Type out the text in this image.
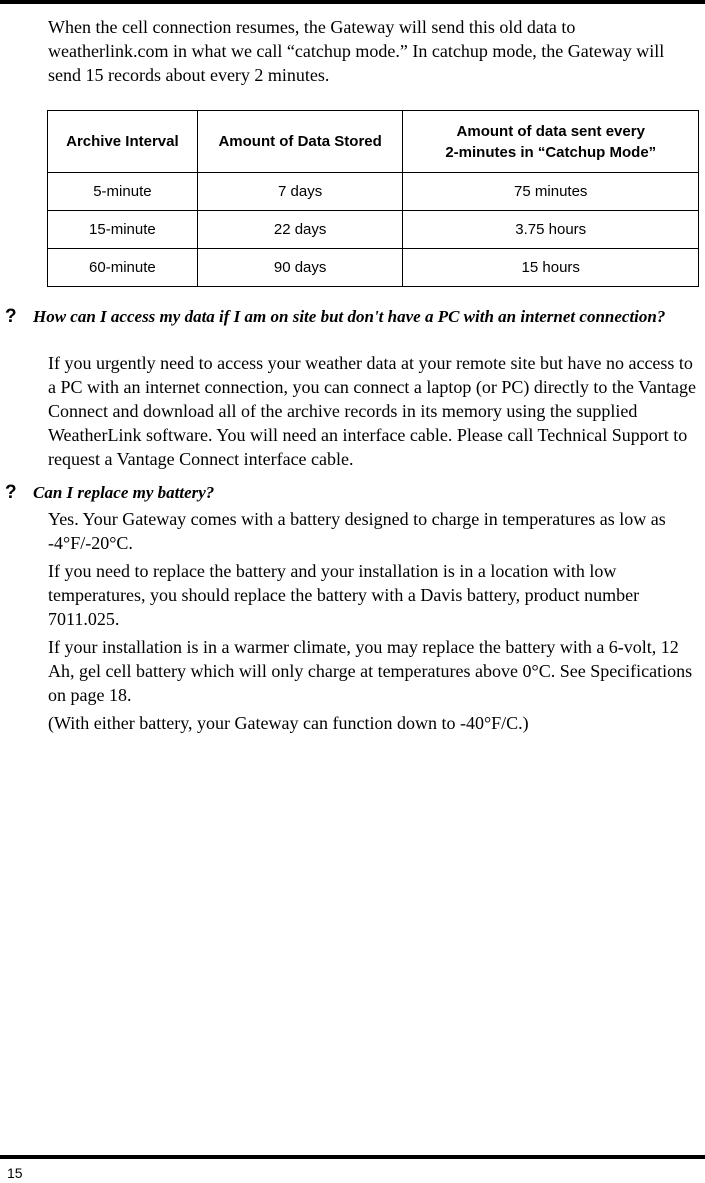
When the cell connection resumes, the Gateway will send this old data to weatherlink.com in what we call “catchup mode.” In catchup mode, the Gateway will send 15 records about every 2 minutes.

Archive Interval	Amount of Data Stored	Amount of data sent every
2-minutes in “Catchup Mode”
5-minute	7 days	75 minutes
15-minute	22 days	3.75 hours
60-minute	90 days	15 hours
? How can I access my data if I am on site but don't have a PC with an internet connection?

If you urgently need to access your weather data at your remote site but have no access to a PC with an internet connection, you can connect a laptop (or PC) directly to the Vantage Connect and download all of the archive records in its memory using the supplied WeatherLink software. You will need an interface cable. Please call Technical Support to request a Vantage Connect interface cable.

? Can I replace my battery?

Yes. Your Gateway comes with a battery designed to charge in temperatures as low as -4°F/-20°C.

If you need to replace the battery and your installation is in a location with low temperatures, you should replace the battery with a Davis battery, product number 7011.025.

If your installation is in a warmer climate, you may replace the battery with a 6-volt, 12 Ah, gel cell battery which will only charge at temperatures above 0°C. See Specifications on page 18.

(With either battery, your Gateway can function down to -40°F/C.)

15
